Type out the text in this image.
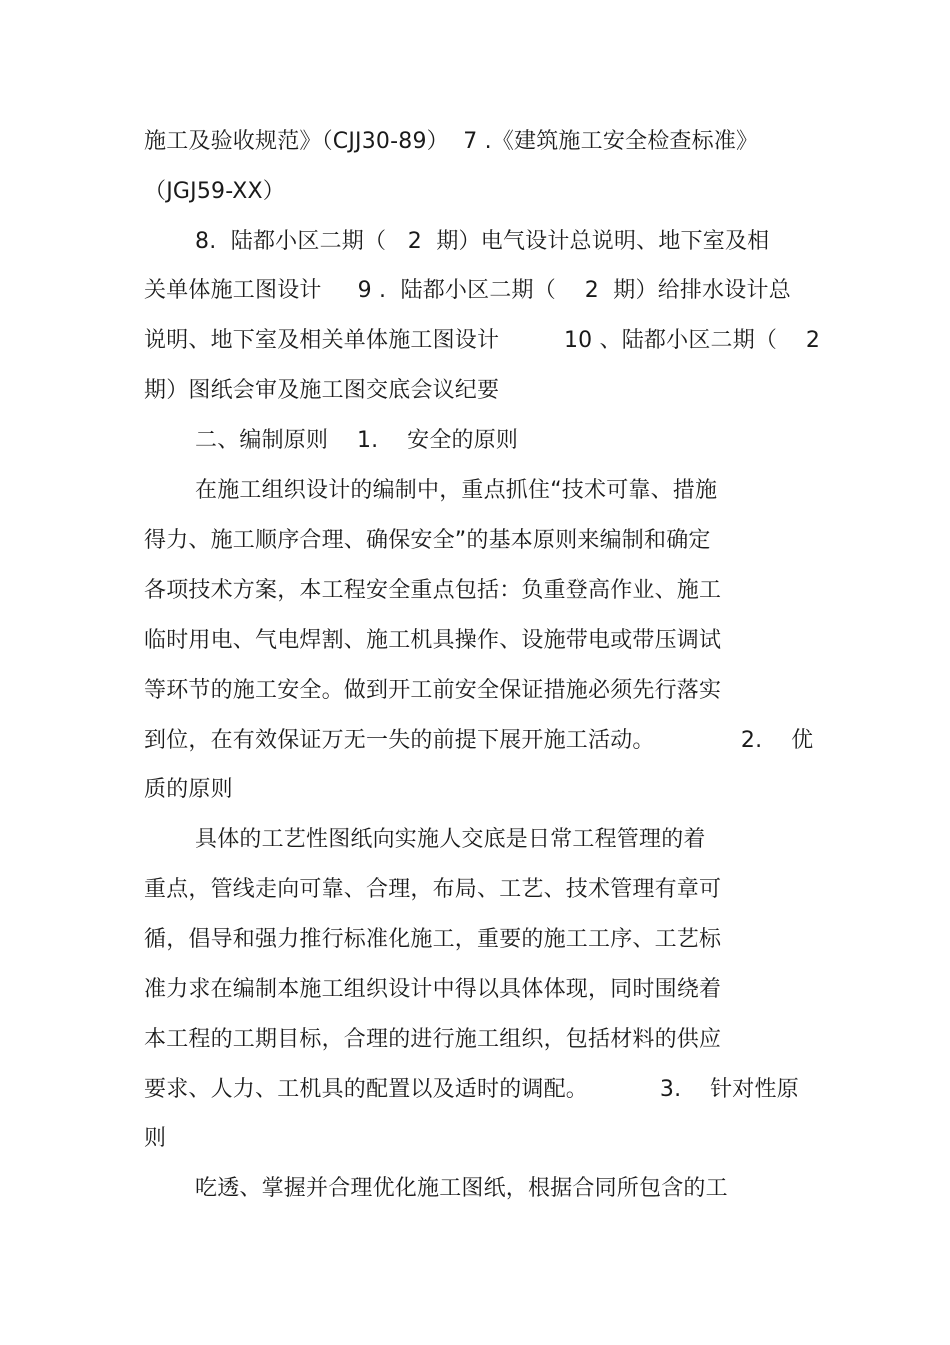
施工及验收规范》（CJJ30-89）  7 .《建筑施工安全检查标准》
（JGJ59-XX）
8.  陆都小区二期（   2  期）电气设计总说明、地下室及相
关单体施工图设计     9 .  陆都小区二期（    2  期）给排水设计总
说明、地下室及相关单体施工图设计         10 、陆都小区二期（    2
期）图纸会审及施工图交底会议纪要
二、编制原则    1.    安全的原则
在施工组织设计的编制中，重点抓住“技术可靠、措施
得力、施工顺序合理、确保安全”的基本原则来编制和确定
各项技术方案，本工程安全重点包括：负重登高作业、施工
临时用电、气电焊割、施工机具操作、设施带电或带压调试
等环节的施工安全。做到开工前安全保证措施必须先行落实
到位，在有效保证万无一失的前提下展开施工活动。            2.    优
质的原则
具体的工艺性图纸向实施人交底是日常工程管理的着
重点，管线走向可靠、合理，布局、工艺、技术管理有章可
循，倡导和强力推行标准化施工，重要的施工工序、工艺标
准力求在编制本施工组织设计中得以具体体现，同时围绕着
本工程的工期目标，合理的进行施工组织，包括材料的供应
要求、人力、工机具的配置以及适时的调配。          3.    针对性原
则
吃透、掌握并合理优化施工图纸，根据合同所包含的工
